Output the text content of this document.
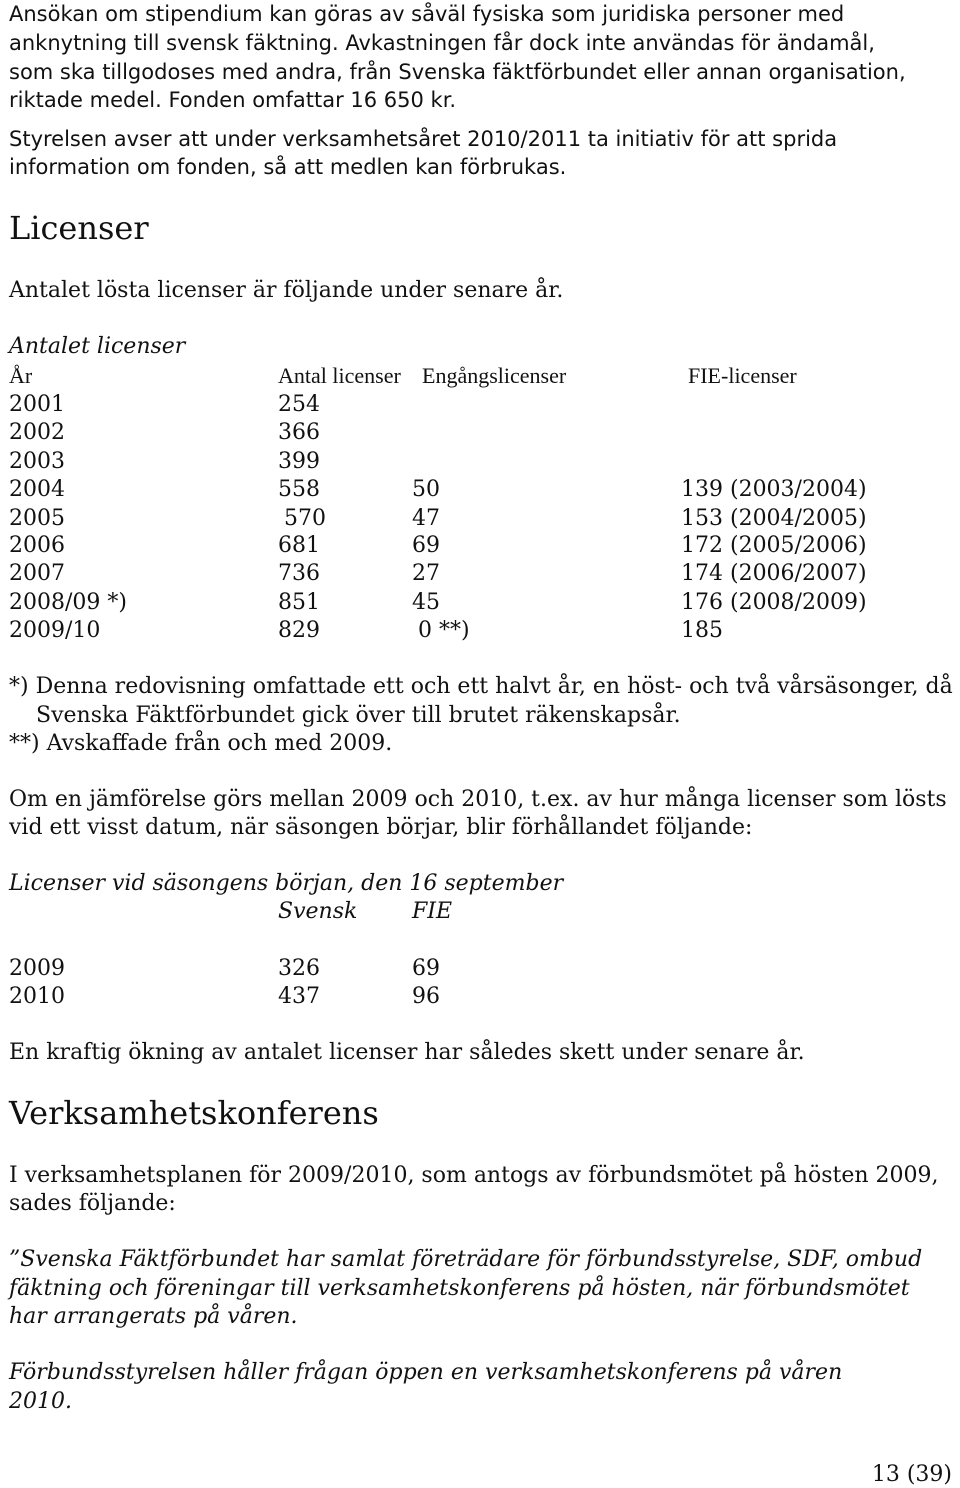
Ansökan om stipendium kan göras av såväl fysiska som juridiska personer med
anknytning till svensk fäktning. Avkastningen får dock inte användas för ändamål,
som ska tillgodoses med andra, från Svenska fäktförbundet eller annan organisation,
riktade medel. Fonden omfattar 16 650 kr.
Styrelsen avser att under verksamhetsåret 2010/2011 ta initiativ för att sprida
information om fonden, så att medlen kan förbrukas.
Licenser
Antalet lösta licenser är följande under senare år.
Antalet licenser
År	Antal licenser Engångslicenser	FIE-licenser
2001	254
2002	366
2003	399
2004	558	50	139 (2003/2004)
2005	570	47	153 (2004/2005)
2006	681	69	172 (2005/2006)
2007	736	27	174 (2006/2007)
2008/09 *)	851	45	176 (2008/2009)
2009/10	829	0 **)	185
*) Denna redovisning omfattade ett och ett halvt år, en höst- och två vårsäsonger, då
Svenska Fäktförbundet gick över till brutet räkenskapsår.
**) Avskaffade från och med 2009.
Om en jämförelse görs mellan 2009 och 2010, t.ex. av hur många licenser som lösts
vid ett visst datum, när säsongen börjar, blir förhållandet följande:
Licenser vid säsongens början, den 16 september
Svensk FIE
2009	326	69
2010	437	96
En kraftig ökning av antalet licenser har således skett under senare år.
Verksamhetskonferens
I verksamhetsplanen för 2009/2010, som antogs av förbundsmötet på hösten 2009,
sades följande:
”Svenska Fäktförbundet har samlat företrädare för förbundsstyrelse, SDF, ombud
fäktning och föreningar till verksamhetskonferens på hösten, när förbundsmötet
har arrangerats på våren.
Förbundsstyrelsen håller frågan öppen en verksamhetskonferens på våren
2010.
13 (39)
